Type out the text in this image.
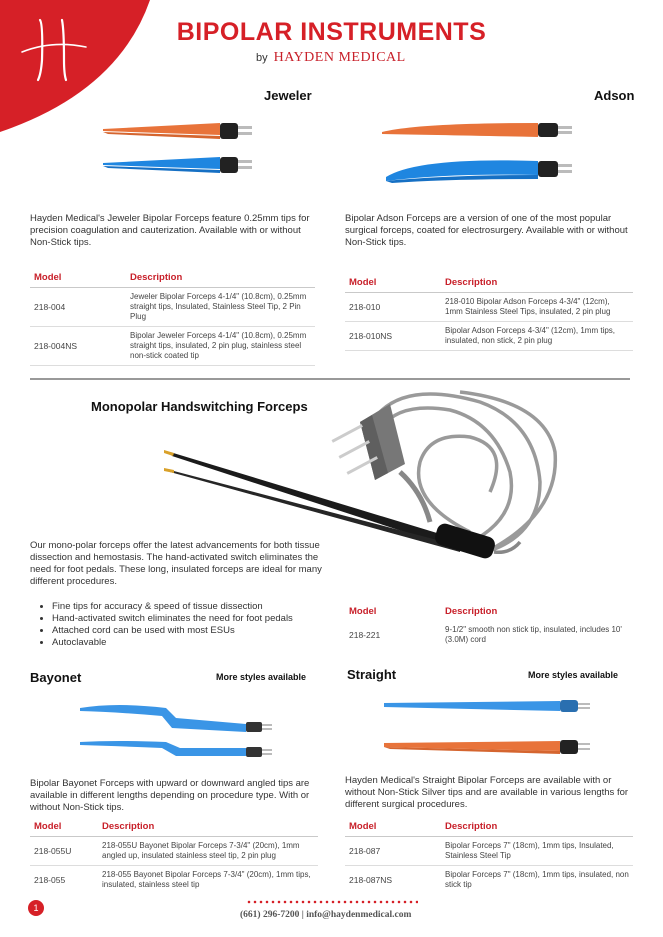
BIPOLAR INSTRUMENTS
by HAYDEN MEDICAL
Jeweler
Hayden Medical's Jeweler Bipolar Forceps feature 0.25mm tips for precision coagulation and cauterization. Available with or without Non-Stick tips.
Model	Description
218-004	Jeweler Bipolar Forceps 4-1/4" (10.8cm), 0.25mm straight tips, Insulated, Stainless Steel Tip, 2 Pin Plug
218-004NS	Bipolar Jeweler Forceps 4-1/4" (10.8cm), 0.25mm straight tips, insulated, 2 pin plug, stainless steel non-stick coated tip
Adson
Bipolar Adson Forceps are a version of one of the most popular surgical forceps, coated for electrosurgery. Available with or without Non-Stick tips.
Model	Description
218-010	218-010 Bipolar Adson Forceps 4-3/4" (12cm), 1mm Stainless Steel Tips, insulated, 2 pin plug
218-010NS	Bipolar Adson Forceps 4-3/4" (12cm), 1mm tips, insulated, non stick, 2 pin plug
Monopolar Handswitching Forceps
Our mono-polar forceps offer the latest advancements for both tissue dissection and hemostasis. The hand-activated switch eliminates the need for foot pedals. These long, insulated forceps are ideal for many different procedures.
• Fine tips for accuracy & speed of tissue dissection
• Hand-activated switch eliminates the need for foot pedals
• Attached cord can be used with most ESUs
• Autoclavable
Model	Description
218-221	9-1/2" smooth non stick tip, insulated, includes 10' (3.0M) cord
Bayonet	More styles available
Bipolar Bayonet Forceps with upward or downward angled tips are available in different lengths depending on procedure type. With or without Non-Stick tips.
Model	Description
218-055U	218-055U Bayonet Bipolar Forceps 7-3/4" (20cm), 1mm angled up, insulated stainless steel tip, 2 pin plug
218-055	218-055 Bayonet Bipolar Forceps 7-3/4" (20cm), 1mm tips, insulated, stainless steel tip
Straight	More styles available
Hayden Medical's Straight Bipolar Forceps are available with or without Non-Stick Silver tips and are available in various lengths for different surgical procedures.
Model	Description
218-087	Bipolar Forceps 7" (18cm), 1mm tips, Insulated, Stainless Steel Tip
218-087NS	Bipolar Forceps 7" (18cm), 1mm tips, insulated, non stick tip
1
(661) 296-7200 | info@haydenmedical.com
